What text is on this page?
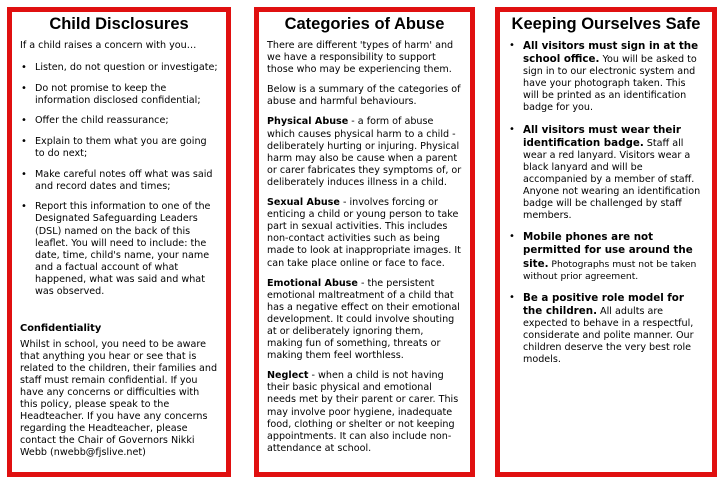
Child Disclosures

If a child raises a concern with you…

• Listen, do not question or investigate;
• Do not promise to keep the information disclosed confidential;
• Offer the child reassurance;
• Explain to them what you are going to do next;
• Make careful notes off what was said and record dates and times;
• Report this information to one of the Designated Safeguarding Leaders (DSL) named on the back of this leaflet. You will need to include: the date, time, child's name, your name and a factual account of what happened, what was said and what was observed.
Confidentiality

Whilst in school, you need to be aware that anything you hear or see that is related to the children, their families and staff must remain confidential. If you have any concerns or difficulties with this policy, please speak to the Headteacher. If you have any concerns regarding the Headteacher, please contact the Chair of Governors Nikki Webb (nwebb@fjslive.net)

Categories of Abuse

There are different 'types of harm' and we have a responsibility to support those who may be experiencing them.

Below is a summary of the categories of abuse and harmful behaviours.

Physical Abuse - a form of abuse which causes physical harm to a child - deliberately hurting or injuring. Physical harm may also be cause when a parent or carer fabricates they symptoms of, or deliberately induces illness in a child.

Sexual Abuse - involves forcing or enticing a child or young person to take part in sexual activities. This includes non-contact activities such as being made to look at inappropriate images. It can take place online or face to face.

Emotional Abuse - the persistent emotional maltreatment of a child that has a negative effect on their emotional development. It could involve shouting at or deliberately ignoring them, making fun of something, threats or making them feel worthless.

Neglect - when a child is not having their basic physical and emotional needs met by their parent or carer. This may involve poor hygiene, inadequate food, clothing or shelter or not keeping appointments. It can also include non-attendance at school.

Keeping Ourselves Safe
• All visitors must sign in at the school office. You will be asked to sign in to our electronic system and have your photograph taken. This will be printed as an identification badge for you.
• All visitors must wear their identification badge. Staff all wear a red lanyard. Visitors wear a black lanyard and will be accompanied by a member of staff. Anyone not wearing an identification badge will be challenged by staff members.
• Mobile phones are not permitted for use around the site. Photographs must not be taken without prior agreement.
• Be a positive role model for the children. All adults are expected to behave in a respectful, considerate and polite manner. Our children deserve the very best role models.
